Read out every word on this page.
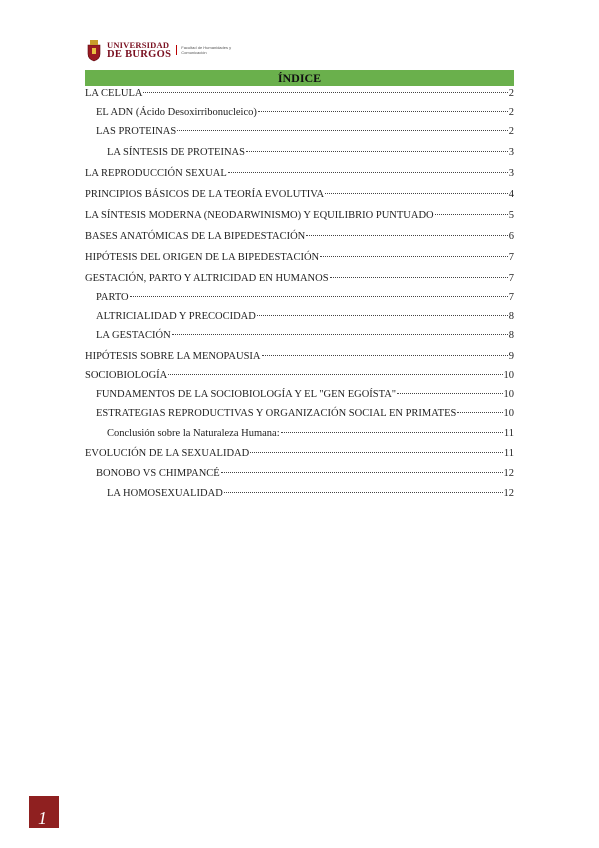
UNIVERSIDAD
DE BURGOS
Facultad de Humanidades y Comunicación
ÍNDICE
LA CELULA	2
EL ADN (Ácido Desoxirribonucleico)	2
LAS PROTEINAS	2
LA SÍNTESIS DE PROTEINAS	3
LA REPRODUCCIÓN SEXUAL	3
PRINCIPIOS BÁSICOS DE LA TEORÍA EVOLUTIVA	4
LA SÍNTESIS MODERNA (NEODARWINISMO) Y EQUILIBRIO PUNTUADO	5
BASES ANATÓMICAS DE LA BIPEDESTACIÓN	6
HIPÓTESIS DEL ORIGEN DE LA BIPEDESTACIÓN	7
GESTACIÓN, PARTO Y ALTRICIDAD EN HUMANOS	7
PARTO	7
ALTRICIALIDAD Y PRECOCIDAD	8
LA GESTACIÓN	8
HIPÓTESIS SOBRE LA MENOPAUSIA	9
SOCIOBIOLOGÍA	10
FUNDAMENTOS DE LA SOCIOBIOLOGÍA Y EL "GEN EGOÍSTA"	10
ESTRATEGIAS REPRODUCTIVAS Y ORGANIZACIÓN SOCIAL EN PRIMATES	10
Conclusión sobre la Naturaleza Humana:	11
EVOLUCIÓN DE LA SEXUALIDAD	11
BONOBO VS CHIMPANCÉ	12
LA HOMOSEXUALIDAD	12
1
